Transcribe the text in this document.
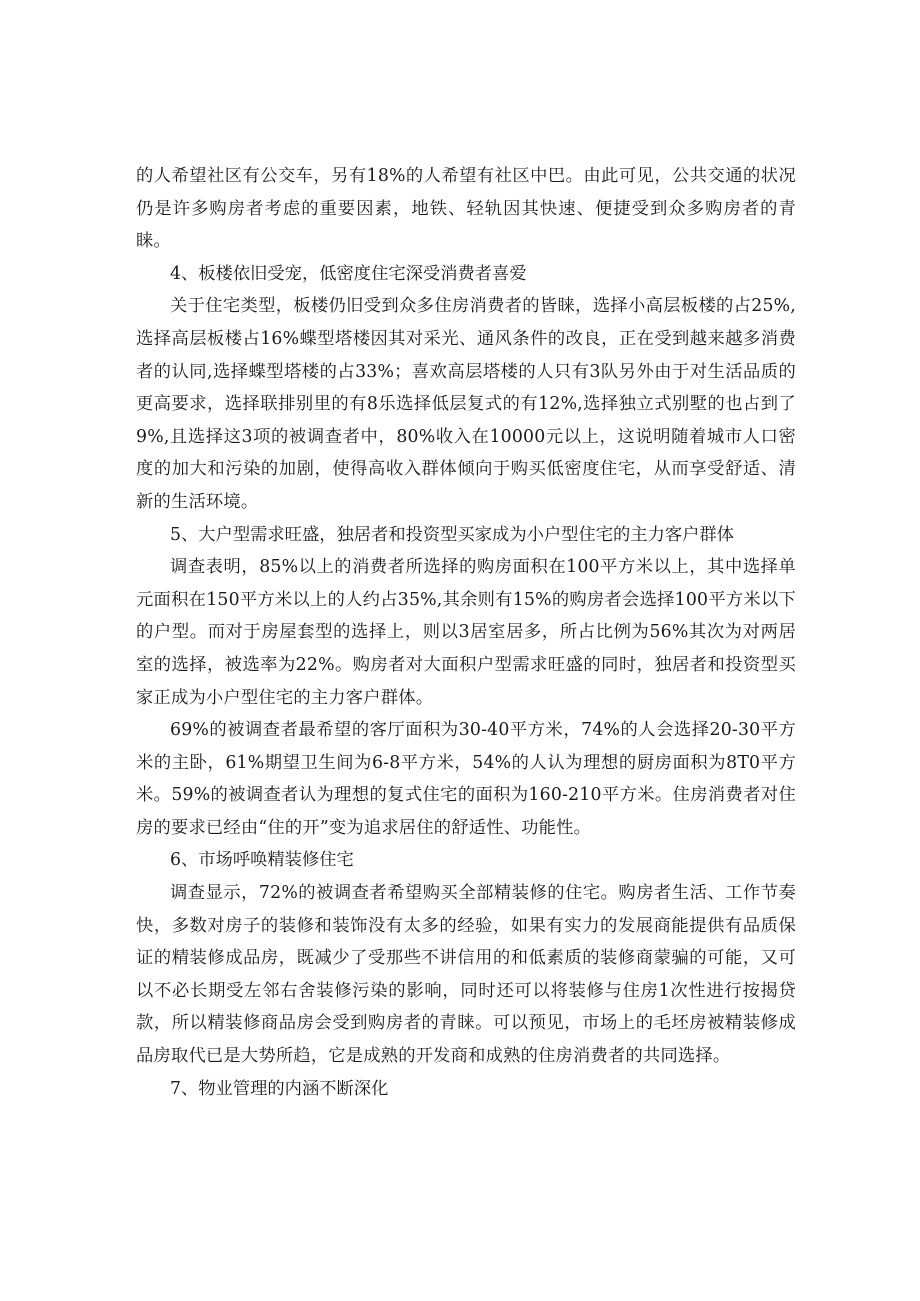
的人希望社区有公交车，另有18%的人希望有社区中巴。由此可见，公共交通的状况仍是许多购房者考虑的重要因素，地铁、轻轨因其快速、便捷受到众多购房者的青睐。

4、板楼依旧受宠，低密度住宅深受消费者喜爱

关于住宅类型，板楼仍旧受到众多住房消费者的皆睐，选择小高层板楼的占25%,选择高层板楼占16%蝶型塔楼因其对采光、通风条件的改良，正在受到越来越多消费者的认同,选择蝶型塔楼的占33%；喜欢高层塔楼的人只有3队另外由于对生活品质的更高要求，选择联排别里的有8乐选择低层复式的有12%,选择独立式别墅的也占到了9%,且选择这3项的被调查者中，80%收入在10000元以上，这说明随着城市人口密度的加大和污染的加剧，使得高收入群体倾向于购买低密度住宅，从而享受舒适、清新的生活环境。

5、大户型需求旺盛，独居者和投资型买家成为小户型住宅的主力客户群体

调查表明，85%以上的消费者所选择的购房面积在100平方米以上，其中选择单元面积在150平方米以上的人约占35%,其余则有15%的购房者会选择100平方米以下的户型。而对于房屋套型的选择上，则以3居室居多，所占比例为56%其次为对两居室的选择，被选率为22%。购房者对大面积户型需求旺盛的同时，独居者和投资型买家正成为小户型住宅的主力客户群体。

69%的被调查者最希望的客厅面积为30-40平方米，74%的人会选择20-30平方米的主卧，61%期望卫生间为6-8平方米，54%的人认为理想的厨房面积为8T0平方米。59%的被调查者认为理想的复式住宅的面积为160-210平方米。住房消费者对住房的要求已经由“住的开”变为追求居住的舒适性、功能性。

6、市场呼唤精装修住宅

调查显示，72%的被调查者希望购买全部精装修的住宅。购房者生活、工作节奏快，多数对房子的装修和装饰没有太多的经验，如果有实力的发展商能提供有品质保证的精装修成品房，既减少了受那些不讲信用的和低素质的装修商蒙骗的可能，又可以不必长期受左邻右舍装修污染的影响，同时还可以将装修与住房1次性进行按揭贷款，所以精装修商品房会受到购房者的青睐。可以预见，市场上的毛坯房被精装修成品房取代已是大势所趋，它是成熟的开发商和成熟的住房消费者的共同选择。

7、物业管理的内涵不断深化
